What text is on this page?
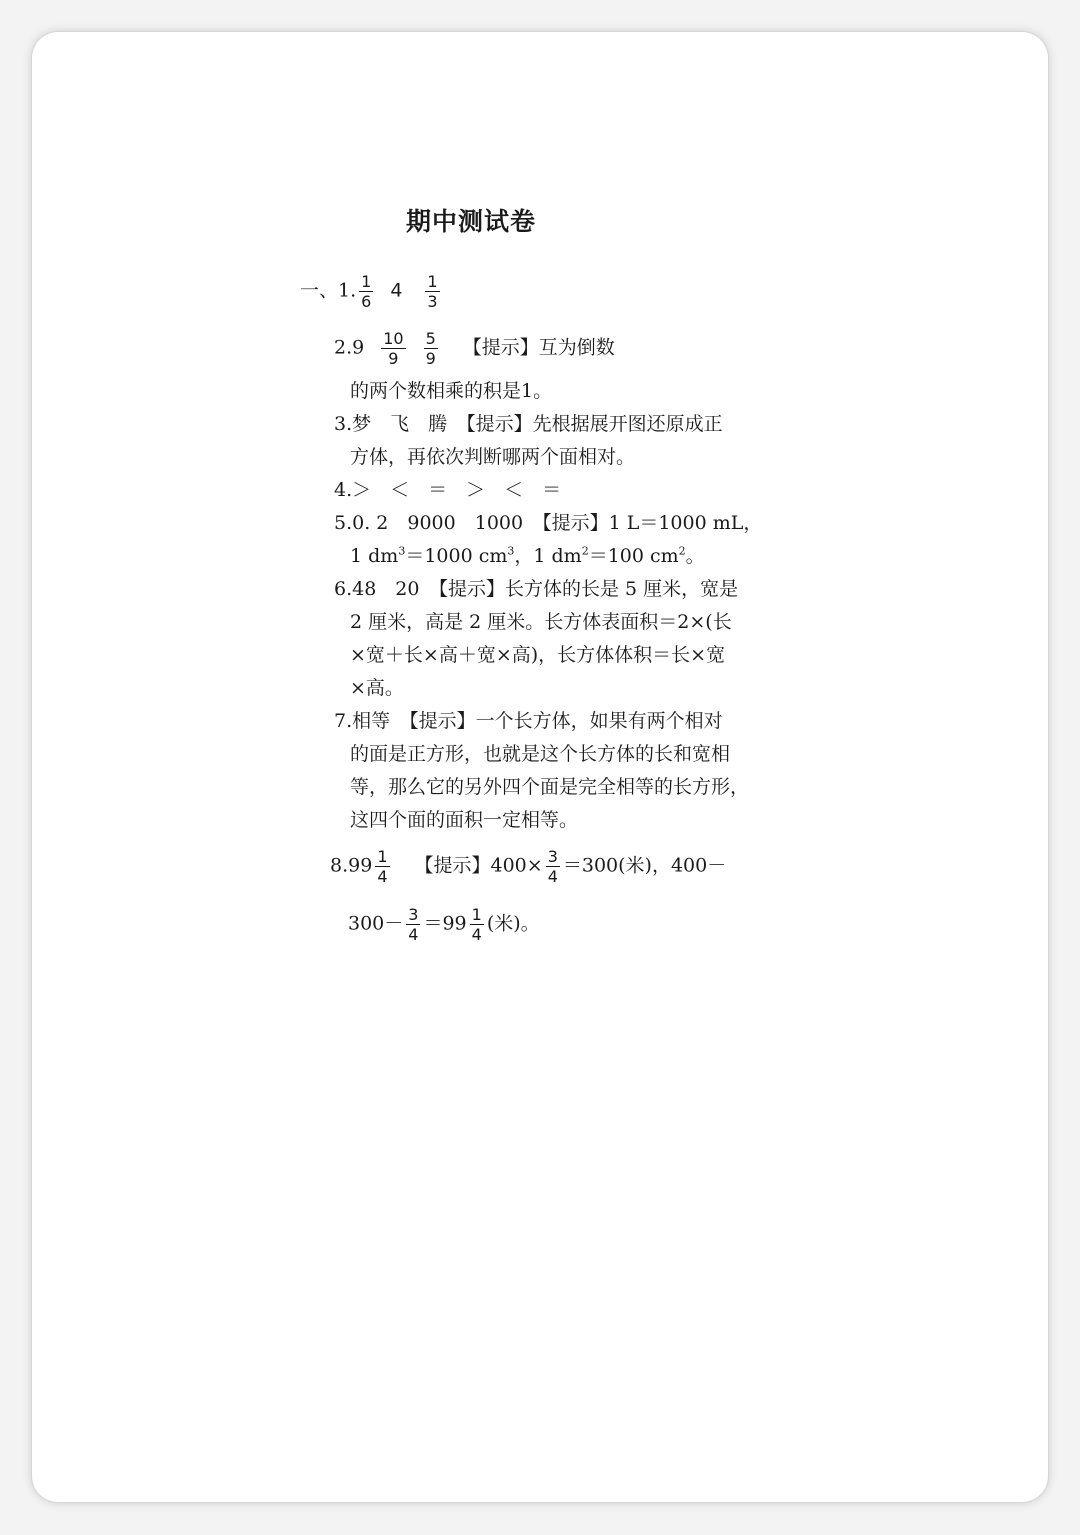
期中测试卷
一、1. $\frac{1}{6} 4 \frac{1}{3}$
$2.9 \frac{10}{9} \frac{5}{9}$ 【提示】互为倒数
的两个数相乘的积是1。
3.梦　飞　腾　【提示】先根据展开图还原成正
方体，再依次判断哪两个面相对。
4.＞　＜　＝　＞　＜　＝
5.0. 2　9000　1000　【提示】1 L＝1000 mL，
1 $dm^3=1000$ $cm^3$，1 $dm^2=100$ $cm^2$。
6.48　20　【提示】长方体的长是 5 厘米，宽是
2 厘米，高是 2 厘米。长方体表面积＝2×(长
×宽＋长×高＋宽×高)，长方体体积＝长×宽
×高。
7.相等　【提示】一个长方体，如果有两个相对
的面是正方形，也就是这个长方体的长和宽相
等，那么它的另外四个面是完全相等的长方形，
这四个面的面积一定相等。
$8.99 \frac{1}{4}$ 【提示】$400\times \frac{3}{4} =300$(米)，400－
$300- \frac{3}{4} =99 \frac{1}{4}$ (米)。
